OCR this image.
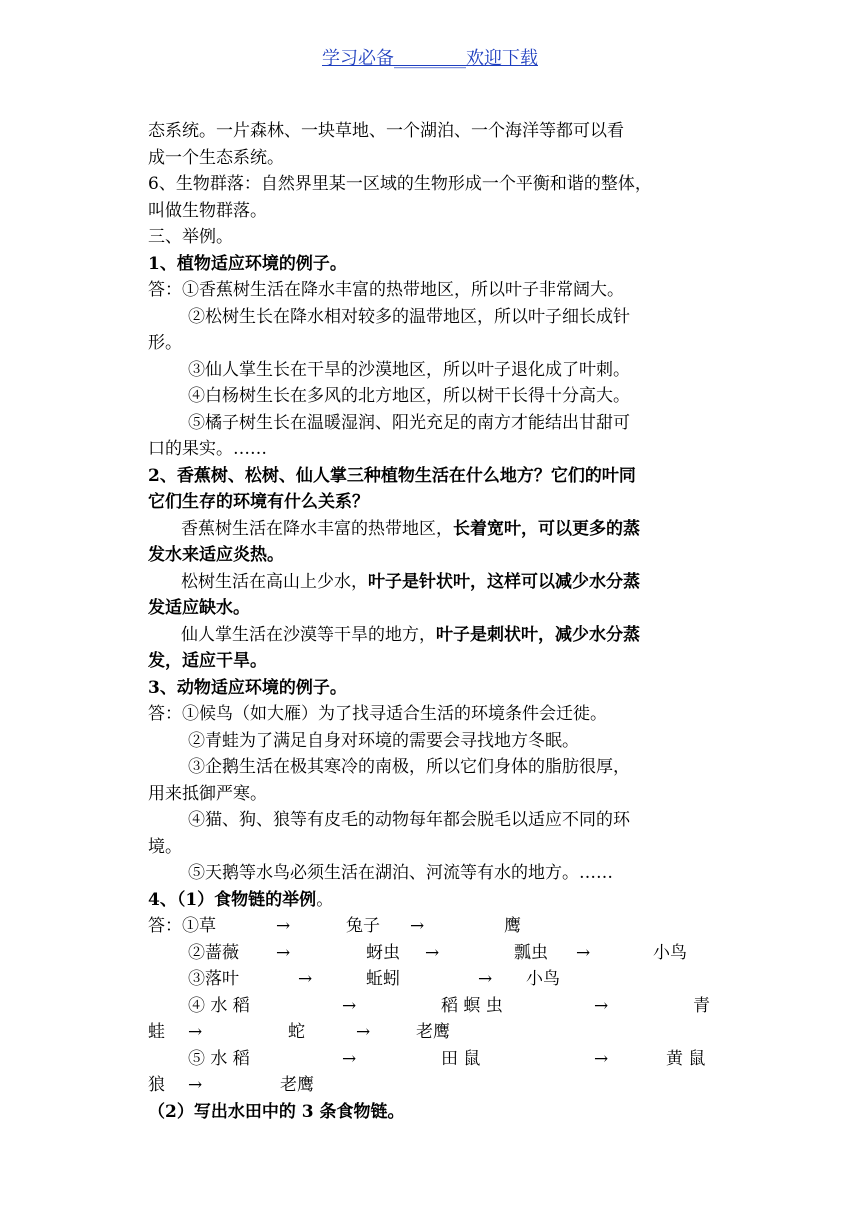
学习必备________欢迎下载
态系统。一片森林、一块草地、一个湖泊、一个海洋等都可以看
成一个生态系统。
6、生物群落：自然界里某一区域的生物形成一个平衡和谐的整体，
叫做生物群落。
三、举例。
1、植物适应环境的例子。
答：①香蕉树生活在降水丰富的热带地区，所以叶子非常阔大。
②松树生长在降水相对较多的温带地区，所以叶子细长成针
形。
③仙人掌生长在干旱的沙漠地区，所以叶子退化成了叶刺。
④白杨树生长在多风的北方地区，所以树干长得十分高大。
⑤橘子树生长在温暖湿润、阳光充足的南方才能结出甘甜可
口的果实。……
2、香蕉树、松树、仙人掌三种植物生活在什么地方？它们的叶同
它们生存的环境有什么关系？
香蕉树生活在降水丰富的热带地区，长着宽叶，可以更多的蒸
发水来适应炎热。
松树生活在高山上少水，叶子是针状叶，这样可以减少水分蒸
发适应缺水。
仙人掌生活在沙漠等干旱的地方，叶子是刺状叶，减少水分蒸
发，适应干旱。
3、动物适应环境的例子。
答：①候鸟（如大雁）为了找寻适合生活的环境条件会迁徙。
②青蛙为了满足自身对环境的需要会寻找地方冬眠。
③企鹅生活在极其寒冷的南极，所以它们身体的脂肪很厚，
用来抵御严寒。
④猫、狗、狼等有皮毛的动物每年都会脱毛以适应不同的环
境。
⑤天鹅等水鸟必须生活在湖泊、河流等有水的地方。……
4、（1）食物链的举例。
答：①草	→	兔子 →	鹰
②蔷薇 →	蚜虫 →	瓢虫 →	小鸟
③落叶	→	蚯蚓	→ 小鸟
④ 水 稻	→	稻 螟 虫	→	青
蛙 →	蛇	→	老鹰
⑤ 水 稻	→	田 鼠	→	黄 鼠
狼 →	老鹰
（2）写出水田中的 3 条食物链。
